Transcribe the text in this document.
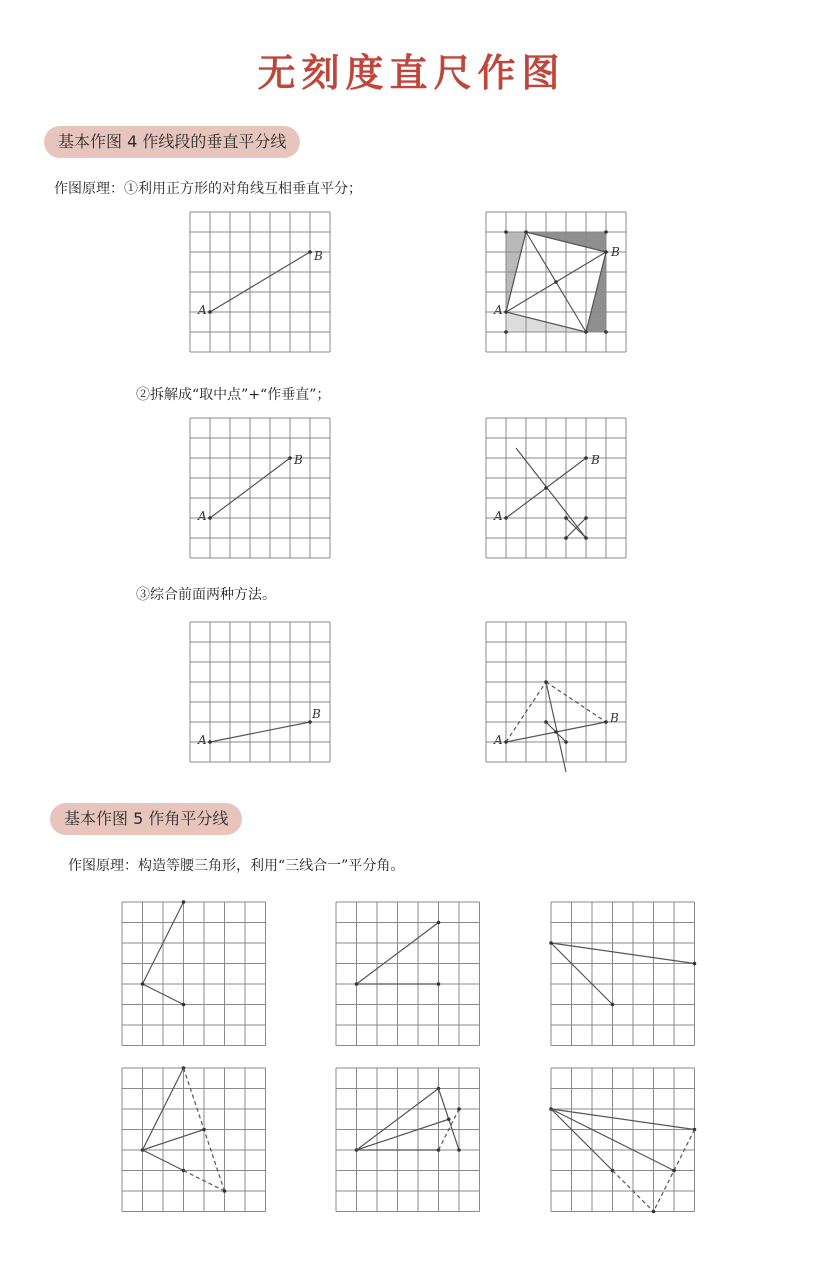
无刻度直尺作图
基本作图 4 作线段的垂直平分线
作图原理：①利用正方形的对角线互相垂直平分；
A
B
A
B
②拆解成“取中点”+“作垂直”；
A
B
A
B
③综合前面两种方法。
A
B
A
B
基本作图 5 作角平分线
作图原理：构造等腰三角形，利用“三线合一”平分角。
